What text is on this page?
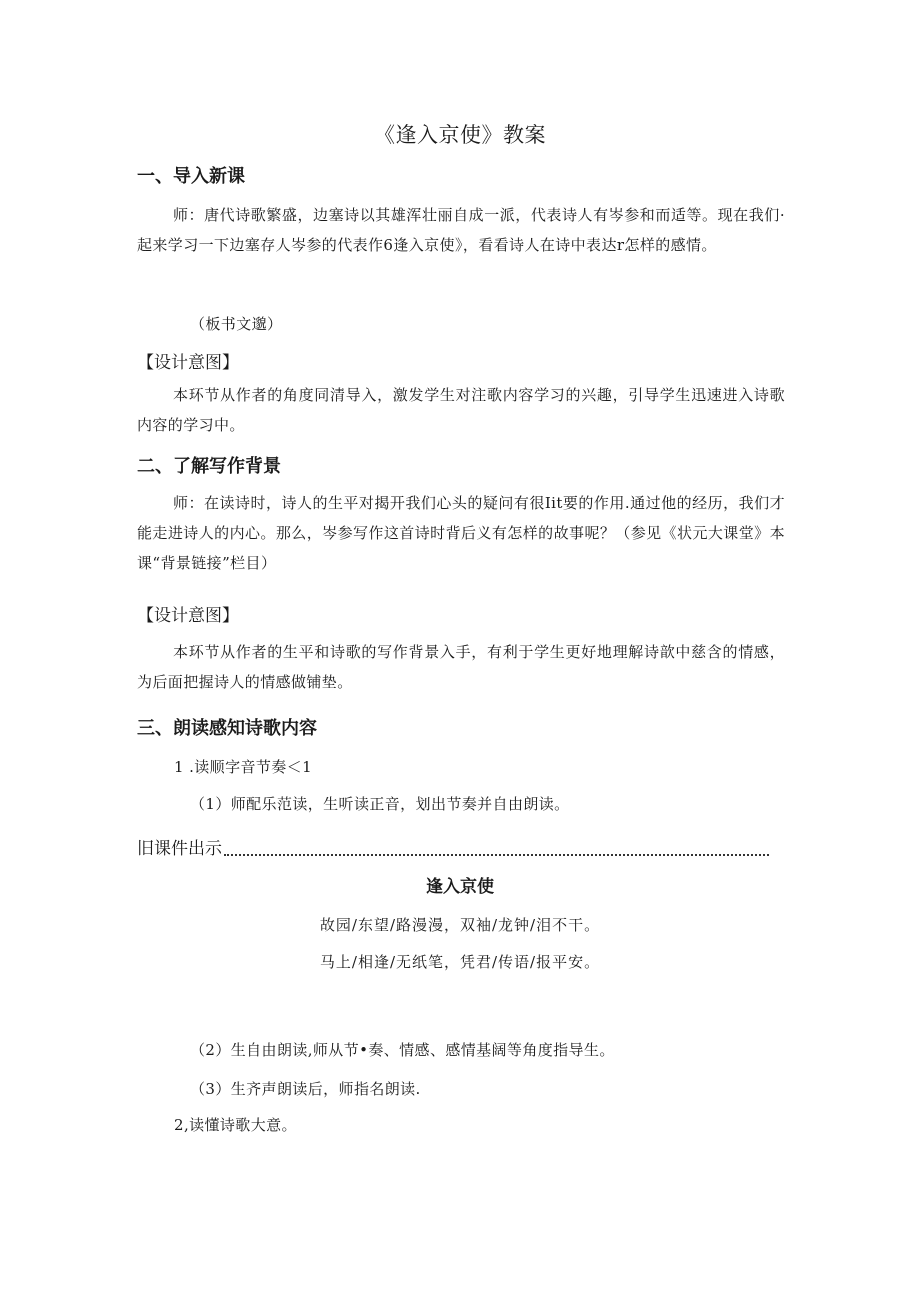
《逢入京使》教案
一、导入新课

师：唐代诗歌繁盛，边塞诗以其雄浑壮丽自成一派，代表诗人有岑参和而适等。现在我们·起来学习一下边塞存人岑参的代表作6逢入京使》，看看诗人在诗中表达r怎样的感情。

（板书文邈）
【设计意图】

本环节从作者的角度同清导入，激发学生对注歌内容学习的兴趣，引导学生迅速进入诗歌内容的学习中。

二、了解写作背景

师：在读诗时，诗人的生平对揭开我们心头的疑问有很Iit要的作用.通过他的经历，我们才能走进诗人的内心。那么，岑参写作这首诗时背后义有怎样的故事呢？（参见《状元大课堂》本课“背景链接”栏目）

【设计意图】

本环节从作者的生平和诗歌的写作背景入手，有利于学生更好地理解诗歆中慈含的情感，为后面把握诗人的情感做铺垫。

三、朗读感知诗歌内容
1 .读顺字音节奏＜1
（1）师配乐范读，生听读正音，划出节奏并自由朗读。
旧课件出示
逢入京使
故园/东望/路漫漫，双袖/龙钟/泪不干。
马上/相逢/无纸笔，凭君/传语/报平安。
（2）生自由朗读,师从节•奏、情感、感情基阔等角度指导生。
（3）生齐声朗读后，师指名朗读.
2,读懂诗歌大意。
